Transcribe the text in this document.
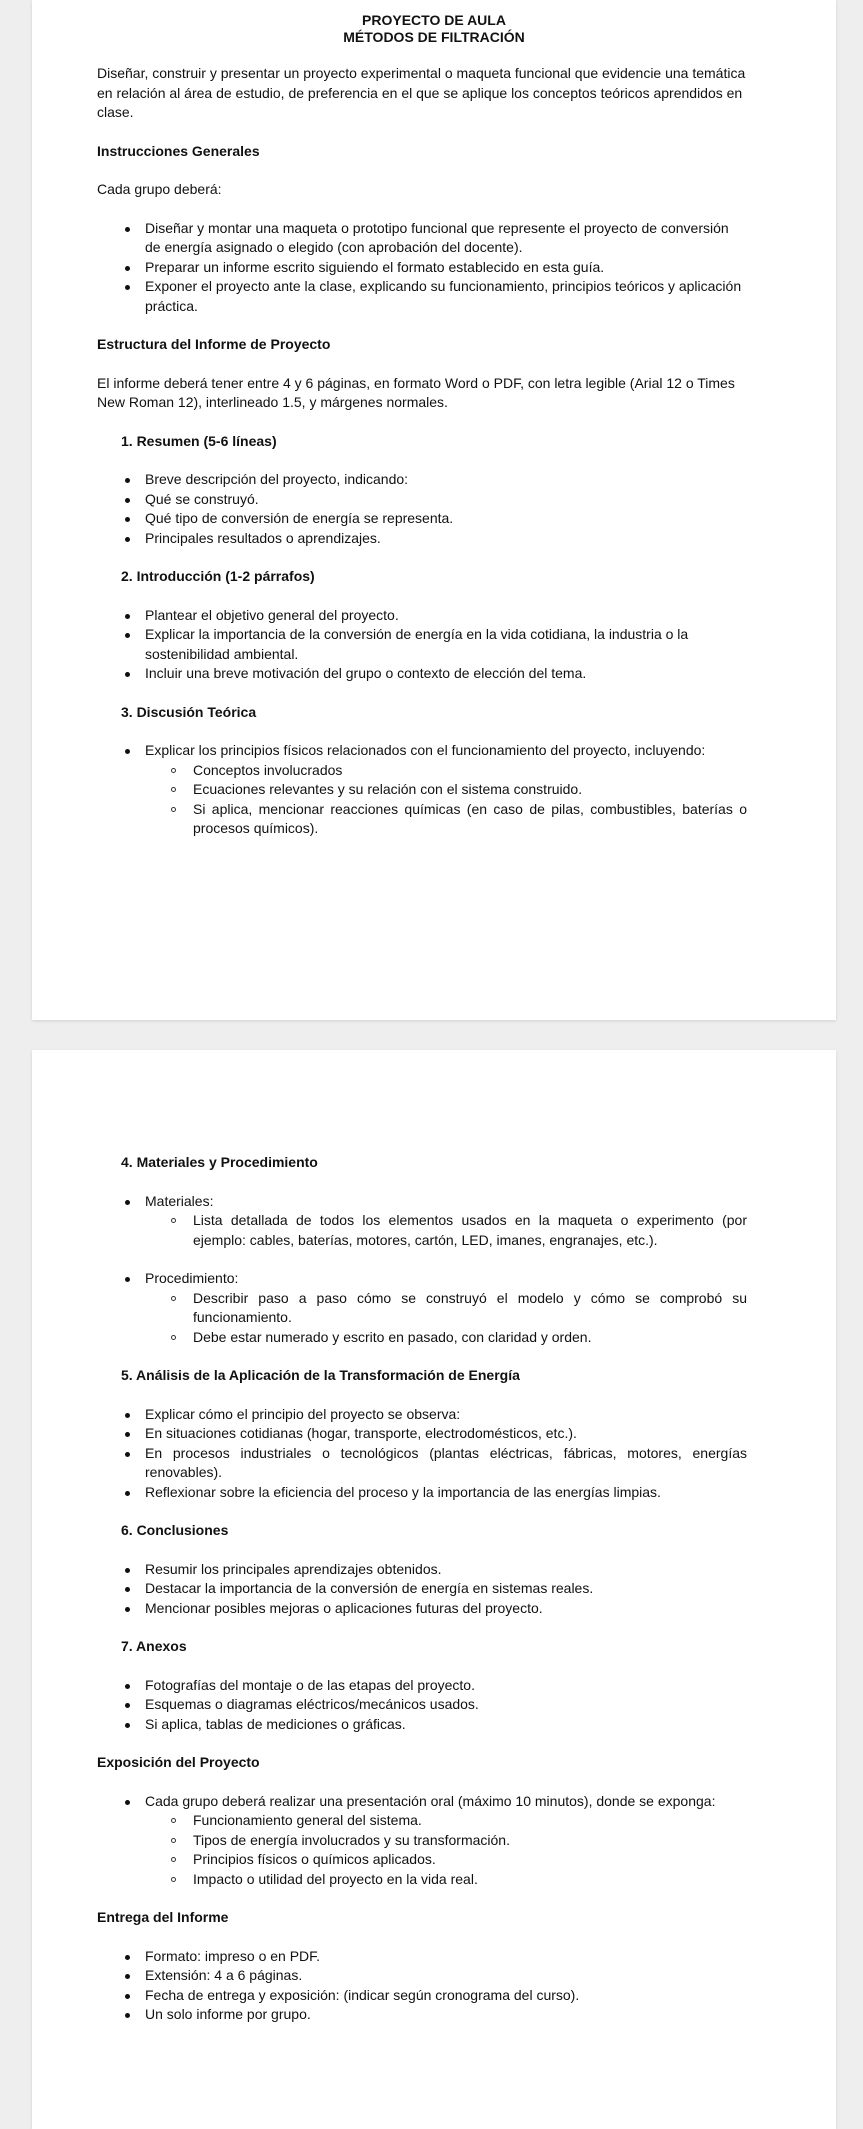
PROYECTO DE AULA
MÉTODOS DE FILTRACIÓN

Diseñar, construir y presentar un proyecto experimental o maqueta funcional que evidencie una temática en relación al área de estudio, de preferencia en el que se aplique los conceptos teóricos aprendidos en clase.

Instrucciones Generales

Cada grupo deberá:

Diseñar y montar una maqueta o prototipo funcional que represente el proyecto de conversión de energía asignado o elegido (con aprobación del docente).
Preparar un informe escrito siguiendo el formato establecido en esta guía.
Exponer el proyecto ante la clase, explicando su funcionamiento, principios teóricos y aplicación práctica.

Estructura del Informe de Proyecto

El informe deberá tener entre 4 y 6 páginas, en formato Word o PDF, con letra legible (Arial 12 o Times New Roman 12), interlineado 1.5, y márgenes normales.

1. Resumen (5-6 líneas)

Breve descripción del proyecto, indicando:
Qué se construyó.
Qué tipo de conversión de energía se representa.
Principales resultados o aprendizajes.

2. Introducción (1-2 párrafos)

Plantear el objetivo general del proyecto.
Explicar la importancia de la conversión de energía en la vida cotidiana, la industria o la sostenibilidad ambiental.
Incluir una breve motivación del grupo o contexto de elección del tema.

3. Discusión Teórica

Explicar los principios físicos relacionados con el funcionamiento del proyecto, incluyendo:
Conceptos involucrados
Ecuaciones relevantes y su relación con el sistema construido.
Si aplica, mencionar reacciones químicas (en caso de pilas, combustibles, baterías o procesos químicos).

4. Materiales y Procedimiento

Materiales:
Lista detallada de todos los elementos usados en la maqueta o experimento (por ejemplo: cables, baterías, motores, cartón, LED, imanes, engranajes, etc.).
Procedimiento:
Describir paso a paso cómo se construyó el modelo y cómo se comprobó su funcionamiento.
Debe estar numerado y escrito en pasado, con claridad y orden.

5. Análisis de la Aplicación de la Transformación de Energía

Explicar cómo el principio del proyecto se observa:
En situaciones cotidianas (hogar, transporte, electrodomésticos, etc.).
En procesos industriales o tecnológicos (plantas eléctricas, fábricas, motores, energías renovables).
Reflexionar sobre la eficiencia del proceso y la importancia de las energías limpias.

6. Conclusiones

Resumir los principales aprendizajes obtenidos.
Destacar la importancia de la conversión de energía en sistemas reales.
Mencionar posibles mejoras o aplicaciones futuras del proyecto.

7. Anexos

Fotografías del montaje o de las etapas del proyecto.
Esquemas o diagramas eléctricos/mecánicos usados.
Si aplica, tablas de mediciones o gráficas.

Exposición del Proyecto

Cada grupo deberá realizar una presentación oral (máximo 10 minutos), donde se exponga:
Funcionamiento general del sistema.
Tipos de energía involucrados y su transformación.
Principios físicos o químicos aplicados.
Impacto o utilidad del proyecto en la vida real.

Entrega del Informe

Formato: impreso o en PDF.
Extensión: 4 a 6 páginas.
Fecha de entrega y exposición: (indicar según cronograma del curso).
Un solo informe por grupo.
